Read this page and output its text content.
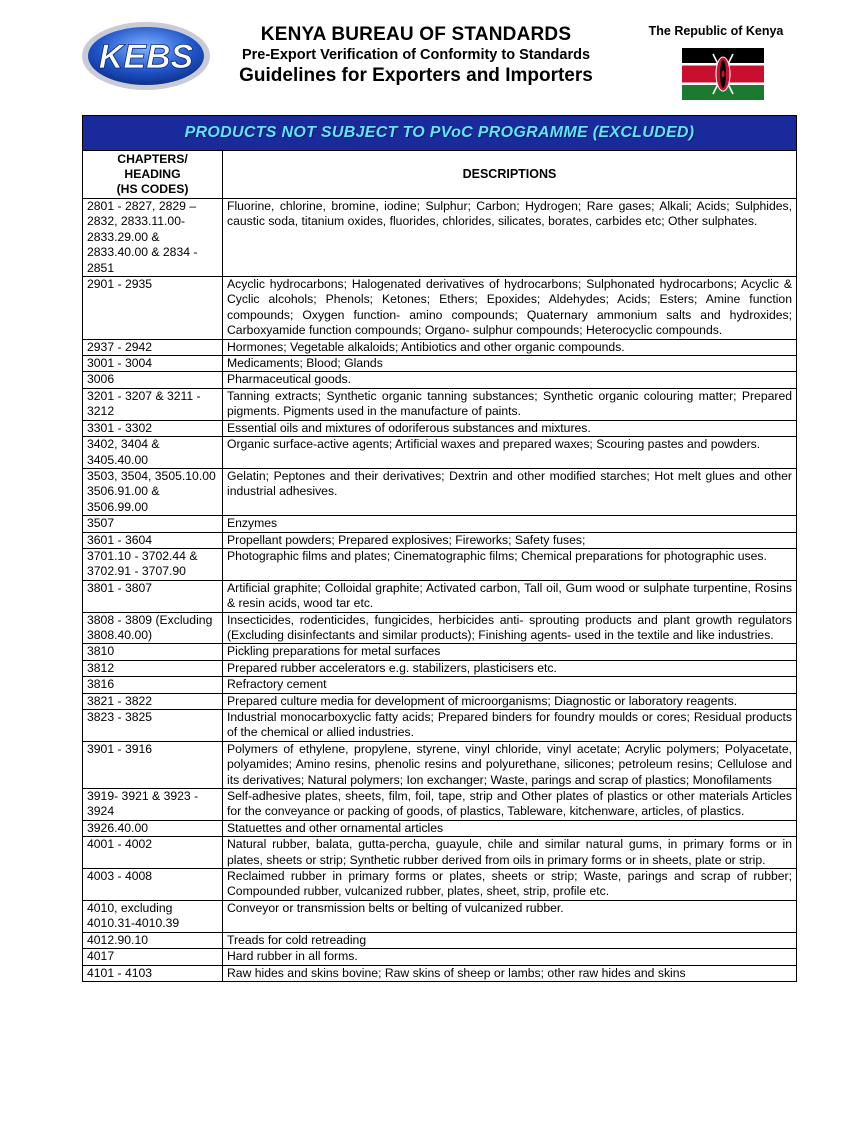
KEBS
KENYA BUREAU OF STANDARDS
Pre-Export Verification of Conformity to Standards
Guidelines for Exporters and Importers
The Republic of Kenya
PRODUCTS NOT SUBJECT TO PVoC PROGRAMME (EXCLUDED)	
CHAPTERS/
HEADING
(HS CODES)	DESCRIPTIONS
2801 - 2827, 2829 – 2832, 2833.11.00- 2833.29.00 & 2833.40.00 & 2834 - 2851	Fluorine, chlorine, bromine, iodine; Sulphur; Carbon; Hydrogen; Rare gases; Alkali; Acids; Sulphides, caustic soda, titanium oxides, fluorides, chlorides, silicates, borates, carbides etc; Other sulphates.
2901 - 2935	Acyclic hydrocarbons; Halogenated derivatives of hydrocarbons; Sulphonated hydrocarbons; Acyclic & Cyclic alcohols; Phenols; Ketones; Ethers; Epoxides; Aldehydes; Acids; Esters; Amine function compounds; Oxygen function- amino compounds; Quaternary ammonium salts and hydroxides; Carboxyamide function compounds; Organo- sulphur compounds; Heterocyclic compounds.
2937 - 2942	Hormones; Vegetable alkaloids; Antibiotics and other organic compounds.
3001 - 3004	Medicaments; Blood; Glands
3006	Pharmaceutical goods.
3201 - 3207 & 3211 - 3212	Tanning extracts; Synthetic organic tanning substances; Synthetic organic colouring matter; Prepared pigments. Pigments used in the manufacture of paints.
3301 - 3302	Essential oils and mixtures of odoriferous substances and mixtures.
3402, 3404 & 3405.40.00	Organic surface-active agents; Artificial waxes and prepared waxes; Scouring pastes and powders.
3503, 3504, 3505.10.00 3506.91.00 & 3506.99.00	Gelatin; Peptones and their derivatives; Dextrin and other modified starches; Hot melt glues and other industrial adhesives.
3507	Enzymes
3601 - 3604	Propellant powders; Prepared explosives; Fireworks; Safety fuses;
3701.10 - 3702.44 & 3702.91 - 3707.90	Photographic films and plates; Cinematographic films; Chemical preparations for photographic uses.
3801 - 3807	Artificial graphite; Colloidal graphite; Activated carbon, Tall oil, Gum wood or sulphate turpentine, Rosins & resin acids, wood tar etc.
3808 - 3809 (Excluding 3808.40.00)	Insecticides, rodenticides, fungicides, herbicides anti- sprouting products and plant growth regulators (Excluding disinfectants and similar products); Finishing agents- used in the textile and like industries.
3810	Pickling preparations for metal surfaces
3812	Prepared rubber accelerators e.g. stabilizers, plasticisers etc.
3816	Refractory cement
3821 - 3822	Prepared culture media for development of microorganisms; Diagnostic or laboratory reagents.
3823 - 3825	Industrial monocarboxyclic fatty acids; Prepared binders for foundry moulds or cores; Residual products of the chemical or allied industries.
3901 - 3916	Polymers of ethylene, propylene, styrene, vinyl chloride, vinyl acetate; Acrylic polymers; Polyacetate, polyamides; Amino resins, phenolic resins and polyurethane, silicones; petroleum resins; Cellulose and its derivatives; Natural polymers; Ion exchanger; Waste, parings and scrap of plastics; Monofilaments
3919- 3921 & 3923 - 3924	Self-adhesive plates, sheets, film, foil, tape, strip and Other plates of plastics or other materials Articles for the conveyance or packing of goods, of plastics, Tableware, kitchenware, articles, of plastics.
3926.40.00	Statuettes and other ornamental articles
4001 - 4002	Natural rubber, balata, gutta-percha, guayule, chile and similar natural gums, in primary forms or in plates, sheets or strip; Synthetic rubber derived from oils in primary forms or in sheets, plate or strip.
4003 - 4008	Reclaimed rubber in primary forms or plates, sheets or strip; Waste, parings and scrap of rubber; Compounded rubber, vulcanized rubber, plates, sheet, strip, profile etc.
4010, excluding 4010.31-4010.39	Conveyor or transmission belts or belting of vulcanized rubber.
4012.90.10	Treads for cold retreading
4017	Hard rubber in all forms.
4101 - 4103	Raw hides and skins bovine; Raw skins of sheep or lambs; other raw hides and skins
